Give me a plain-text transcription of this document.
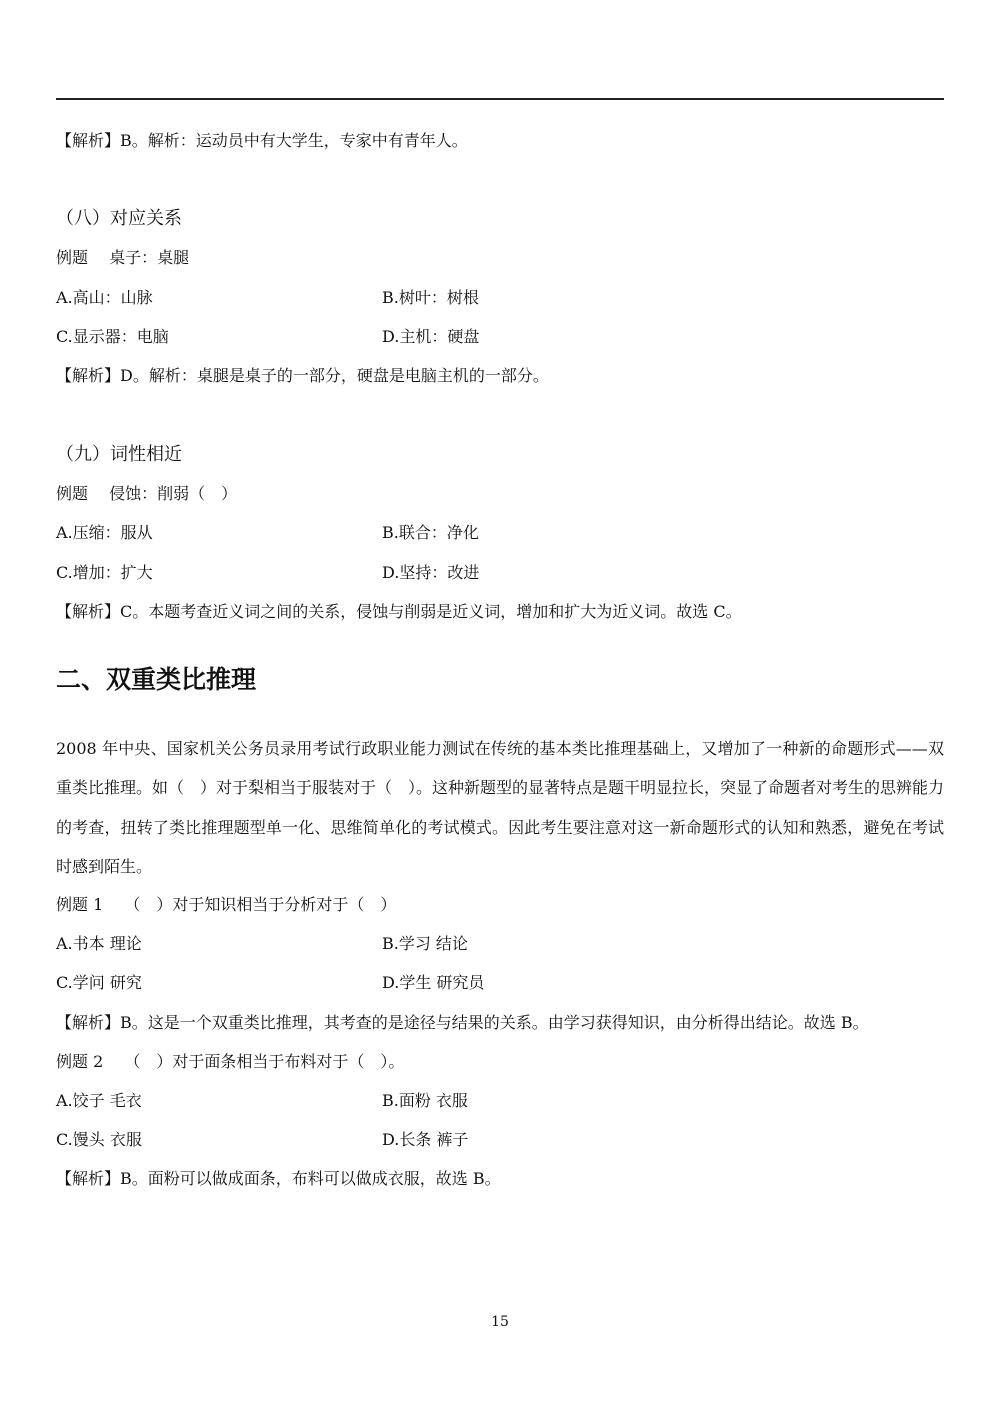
【解析】B。解析：运动员中有大学生，专家中有青年人。
（八）对应关系
例题　 桌子：桌腿
A.高山：山脉	B.树叶：树根
C.显示器：电脑	D.主机：硬盘
【解析】D。解析：桌腿是桌子的一部分，硬盘是电脑主机的一部分。
（九）词性相近
例题　 侵蚀：削弱（　）
A.压缩：服从	B.联合：净化
C.增加：扩大	D.坚持：改进
【解析】C。本题考查近义词之间的关系，侵蚀与削弱是近义词，增加和扩大为近义词。故选 C。
二、双重类比推理
2008 年中央、国家机关公务员录用考试行政职业能力测试在传统的基本类比推理基础上，又增加了一种新的命题形式——双重类比推理。如（　）对于梨相当于服装对于（　）。这种新题型的显著特点是题干明显拉长，突显了命题者对考生的思辨能力的考查，扭转了类比推理题型单一化、思维简单化的考试模式。因此考生要注意对这一新命题形式的认知和熟悉，避免在考试时感到陌生。
例题 1　 （　）对于知识相当于分析对于（　）
A.书本 理论	B.学习 结论
C.学问 研究	D.学生 研究员
【解析】B。这是一个双重类比推理，其考查的是途径与结果的关系。由学习获得知识，由分析得出结论。故选 B。
例题 2　 （　）对于面条相当于布料对于（　）。
A.饺子 毛衣	B.面粉 衣服
C.馒头 衣服	D.长条 裤子
【解析】B。面粉可以做成面条，布料可以做成衣服，故选 B。
15
